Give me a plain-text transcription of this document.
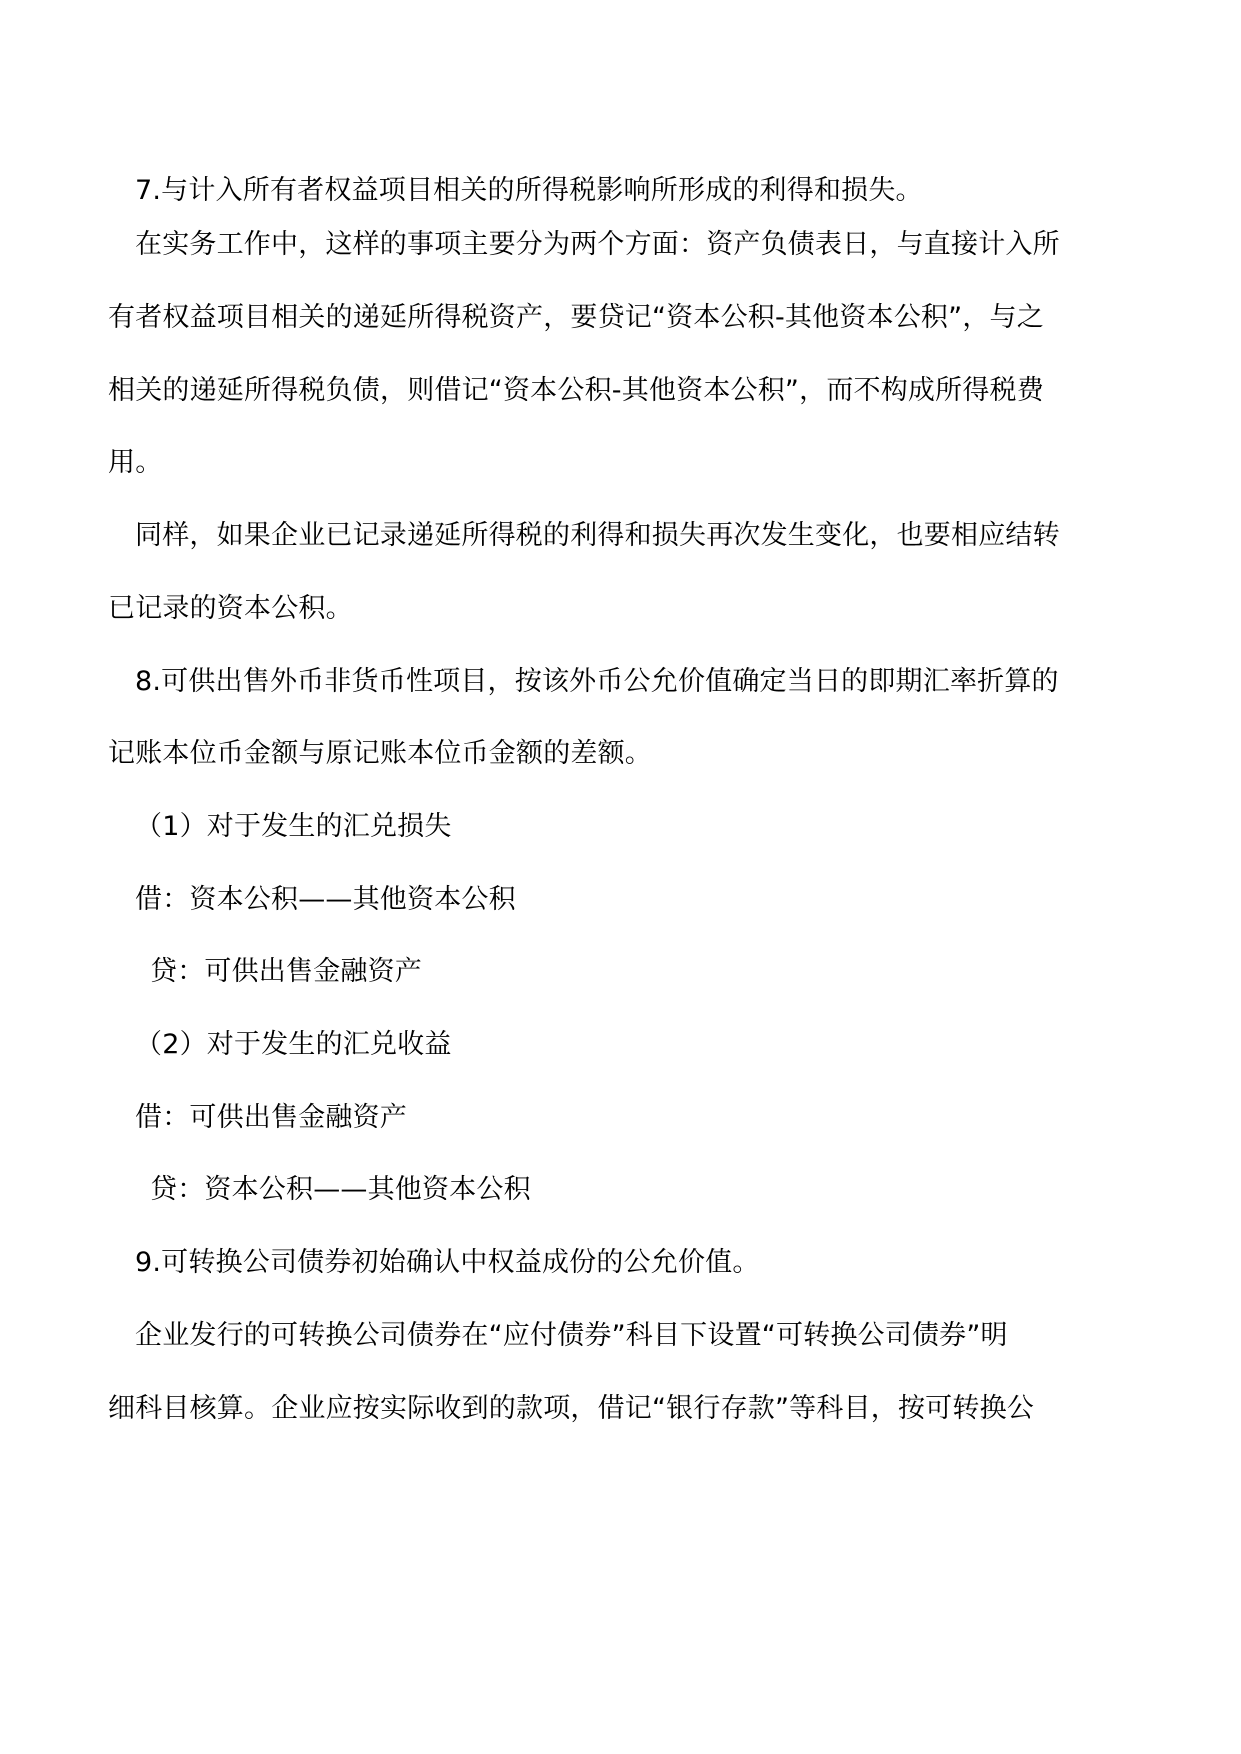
7.与计入所有者权益项目相关的所得税影响所形成的利得和损失。
在实务工作中，这样的事项主要分为两个方面：资产负债表日，与直接计入所
有者权益项目相关的递延所得税资产，要贷记“资本公积-其他资本公积”，与之
相关的递延所得税负债，则借记“资本公积-其他资本公积”，而不构成所得税费
用。
同样，如果企业已记录递延所得税的利得和损失再次发生变化，也要相应结转
已记录的资本公积。
8.可供出售外币非货币性项目，按该外币公允价值确定当日的即期汇率折算的
记账本位币金额与原记账本位币金额的差额。
（1）对于发生的汇兑损失
借：资本公积——其他资本公积
贷：可供出售金融资产
（2）对于发生的汇兑收益
借：可供出售金融资产
贷：资本公积——其他资本公积
9.可转换公司债券初始确认中权益成份的公允价值。
企业发行的可转换公司债券在“应付债券”科目下设置“可转换公司债券”明
细科目核算。企业应按实际收到的款项，借记“银行存款”等科目，按可转换公
